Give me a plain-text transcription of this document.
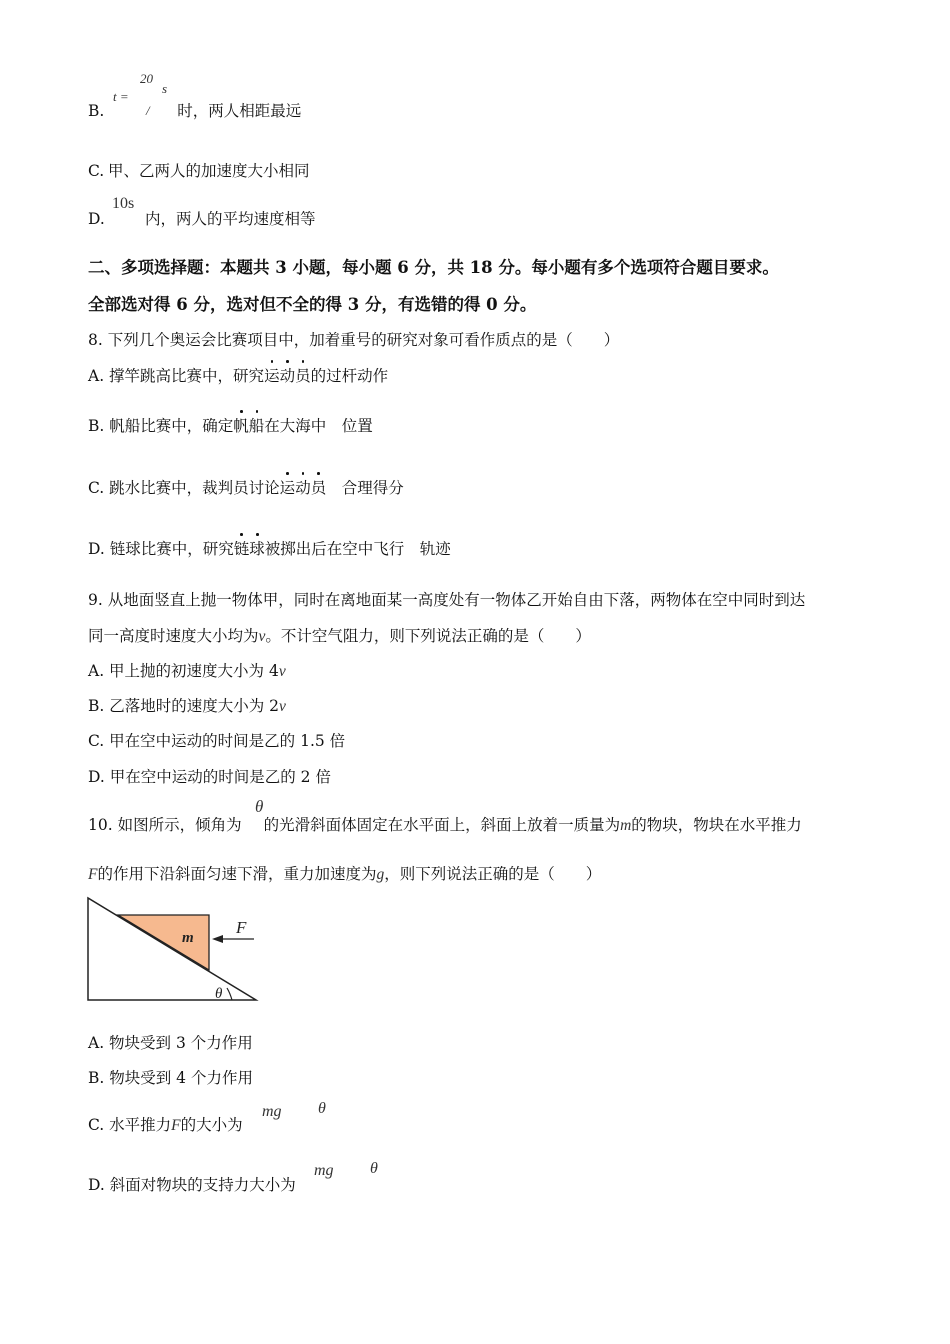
B.	时，两人相距最远
t =
20
/
s
C. 甲、乙两人的加速度大小相同
D.
10s
内，两人的平均速度相等
二、多项选择题：本题共 3 小题，每小题 6 分，共 18 分。每小题有多个选项符合题目要求。
全部选对得 6 分，选对但不全的得 3 分，有选错的得 0 分。
8. 下列几个奥运会比赛项目中，加着重号的研究对象可看作质点的是（　　）
A. 撑竿跳高比赛中，研究运动员的过杆动作
B. 帆船比赛中，确定帆船在大海中　位置
C. 跳水比赛中，裁判员讨论运动员　合理得分
D. 链球比赛中，研究链球被掷出后在空中飞行　轨迹
9. 从地面竖直上抛一物体甲，同时在离地面某一高度处有一物体乙开始自由下落，两物体在空中同时到达
同一高度时速度大小均为v。不计空气阻力，则下列说法正确的是（　　）
A. 甲上抛的初速度大小为 4v
B. 乙落地时的速度大小为 2v
C. 甲在空中运动的时间是乙的 1.5 倍
D. 甲在空中运动的时间是乙的 2 倍
10. 如图所示，倾角为 的光滑斜面体固定在水平面上，斜面上放着一质量为m的物块，物块在水平推力
θ
F的作用下沿斜面匀速下滑，重力加速度为g，则下列说法正确的是（　　）
m
F
θ
A. 物块受到 3 个力作用
B. 物块受到 4 个力作用
C. 水平推力F的大小为
mg θ
D. 斜面对物块的支持力大小为
mg θ
